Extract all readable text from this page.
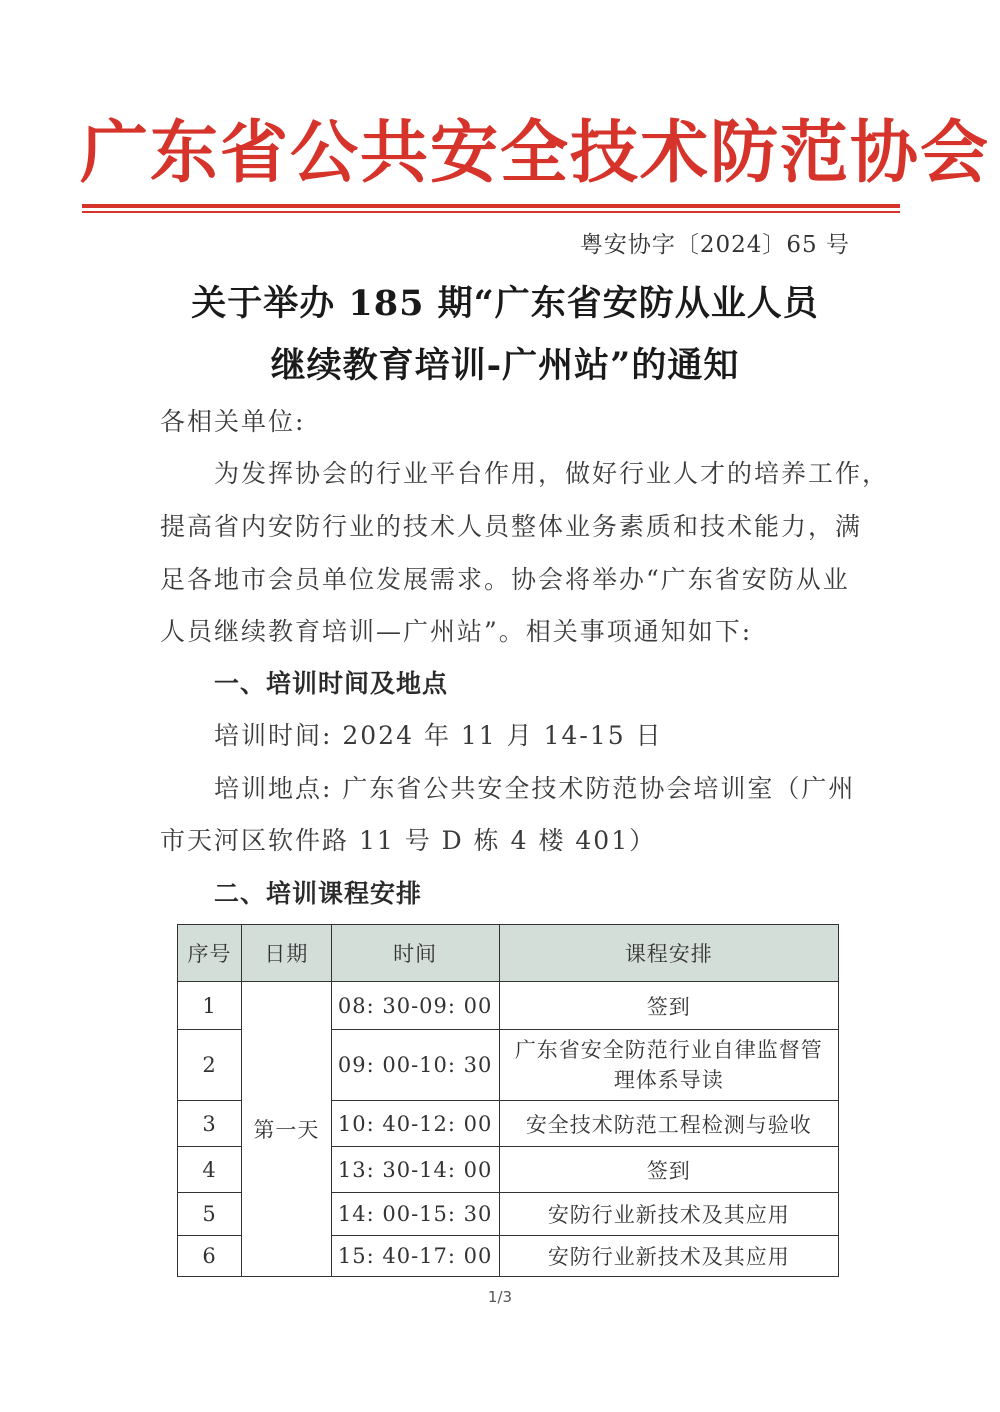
广东省公共安全技术防范协会
粤安协字〔2024〕65 号
关于举办 185 期“广东省安防从业人员
继续教育培训-广州站”的通知
各相关单位:
为发挥协会的行业平台作用，做好行业人才的培养工作，
提高省内安防行业的技术人员整体业务素质和技术能力，满
足各地市会员单位发展需求。协会将举办“广东省安防从业
人员继续教育培训—广州站”。相关事项通知如下:
一、培训时间及地点
培训时间: 2024 年 11 月 14-15 日
培训地点: 广东省公共安全技术防范协会培训室（广州
市天河区软件路 11 号 D 栋 4 楼 401）
二、培训课程安排
序号	日期	时间	课程安排
1	第一天	08: 30-09: 00	签到
2		09: 00-10: 30	广东省安全防范行业自律监督管理体系导读
3		10: 40-12: 00	安全技术防范工程检测与验收
4		13: 30-14: 00	签到
5		14: 00-15: 30	安防行业新技术及其应用
6		15: 40-17: 00	安防行业新技术及其应用
1/3
